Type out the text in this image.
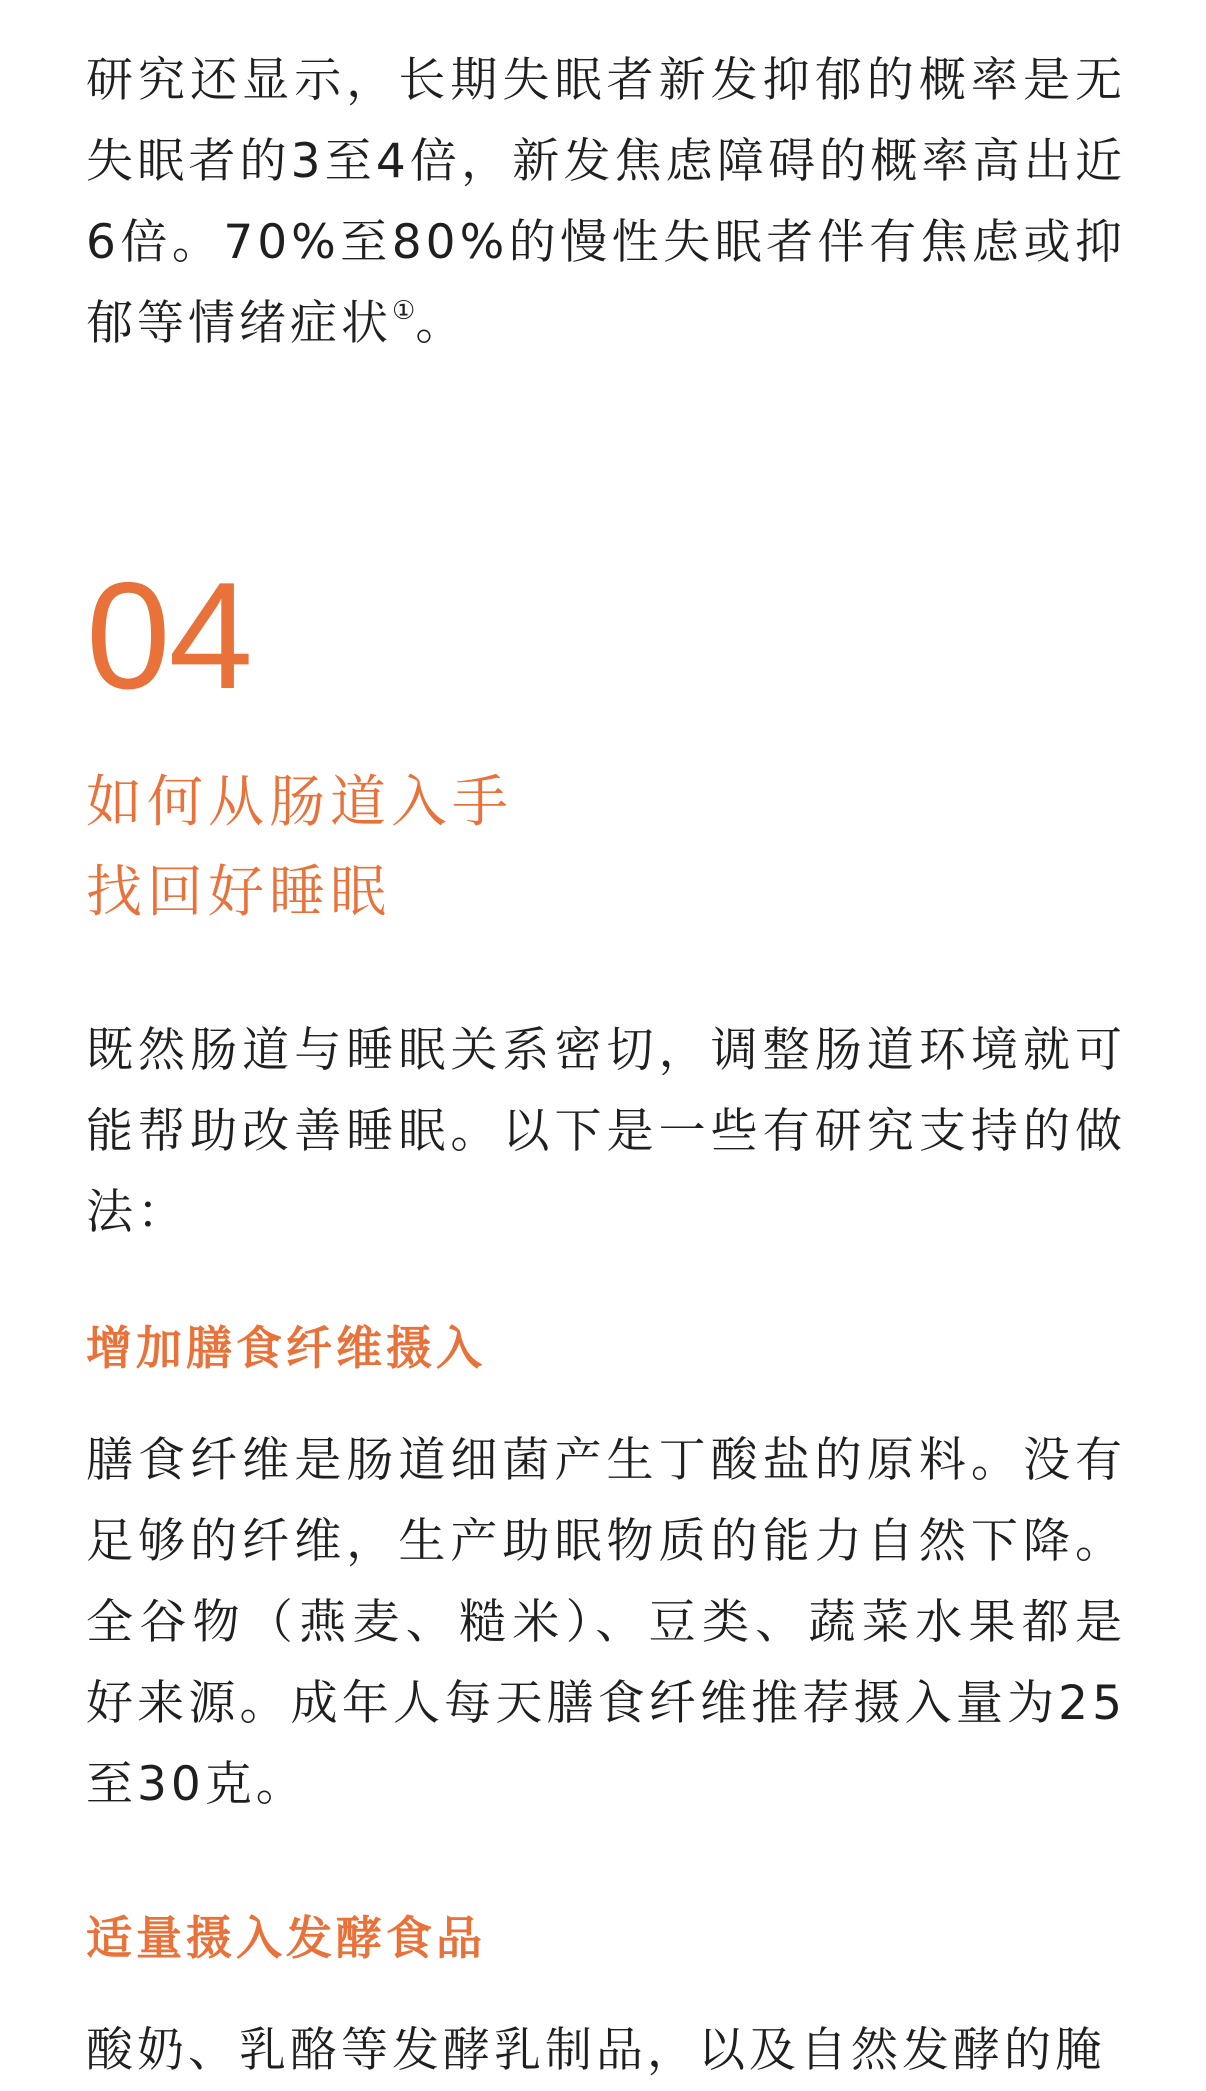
研究还显示，长期失眠者新发抑郁的概率是无失眠者的3至4倍，新发焦虑障碍的概率高出近6倍。70%至80%的慢性失眠者伴有焦虑或抑郁等情绪症状①。

04
如何从肠道入手
找回好睡眠

既然肠道与睡眠关系密切，调整肠道环境就可能帮助改善睡眠。以下是一些有研究支持的做法：

增加膳食纤维摄入

膳食纤维是肠道细菌产生丁酸盐的原料。没有足够的纤维，生产助眠物质的能力自然下降。全谷物（燕麦、糙米）、豆类、蔬菜水果都是好来源。成年人每天膳食纤维推荐摄入量为25至30克。

适量摄入发酵食品

酸奶、乳酪等发酵乳制品，以及自然发酵的腌
